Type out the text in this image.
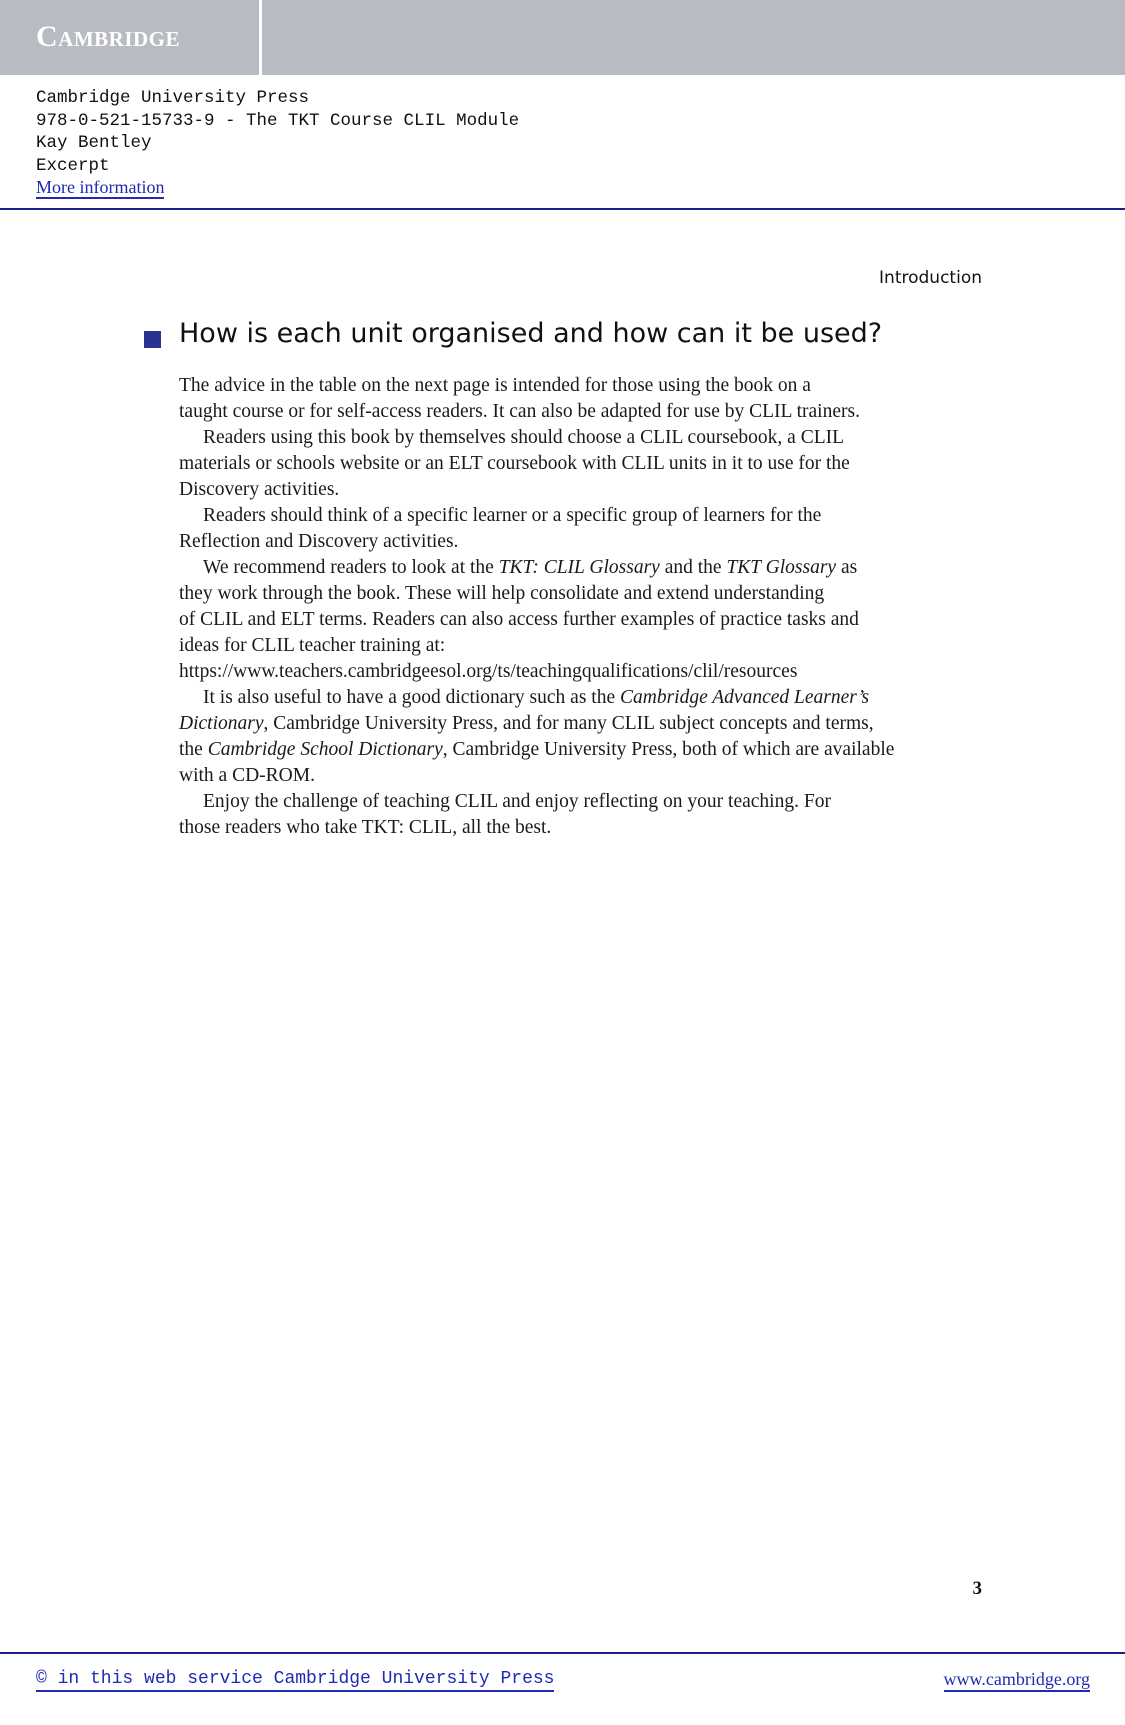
Cambridge
Cambridge University Press
978-0-521-15733-9 - The TKT Course CLIL Module
Kay Bentley
Excerpt
More information
Introduction
How is each unit organised and how can it be used?

The advice in the table on the next page is intended for those using the book on a
taught course or for self-access readers. It can also be adapted for use by CLIL trainers.

Readers using this book by themselves should choose a CLIL coursebook, a CLIL
materials or schools website or an ELT coursebook with CLIL units in it to use for the
Discovery activities.

Readers should think of a specific learner or a specific group of learners for the
Reflection and Discovery activities.

We recommend readers to look at the TKT: CLIL Glossary and the TKT Glossary as
they work through the book. These will help consolidate and extend understanding
of CLIL and ELT terms. Readers can also access further examples of practice tasks and
ideas for CLIL teacher training at:
https://www.teachers.cambridgeesol.org/ts/teachingqualifications/clil/resources

It is also useful to have a good dictionary such as the Cambridge Advanced Learner’s
Dictionary, Cambridge University Press, and for many CLIL subject concepts and terms,
the Cambridge School Dictionary, Cambridge University Press, both of which are available
with a CD-ROM.

Enjoy the challenge of teaching CLIL and enjoy reflecting on your teaching. For
those readers who take TKT: CLIL, all the best.

3
© in this web service Cambridge University Press	www.cambridge.org
